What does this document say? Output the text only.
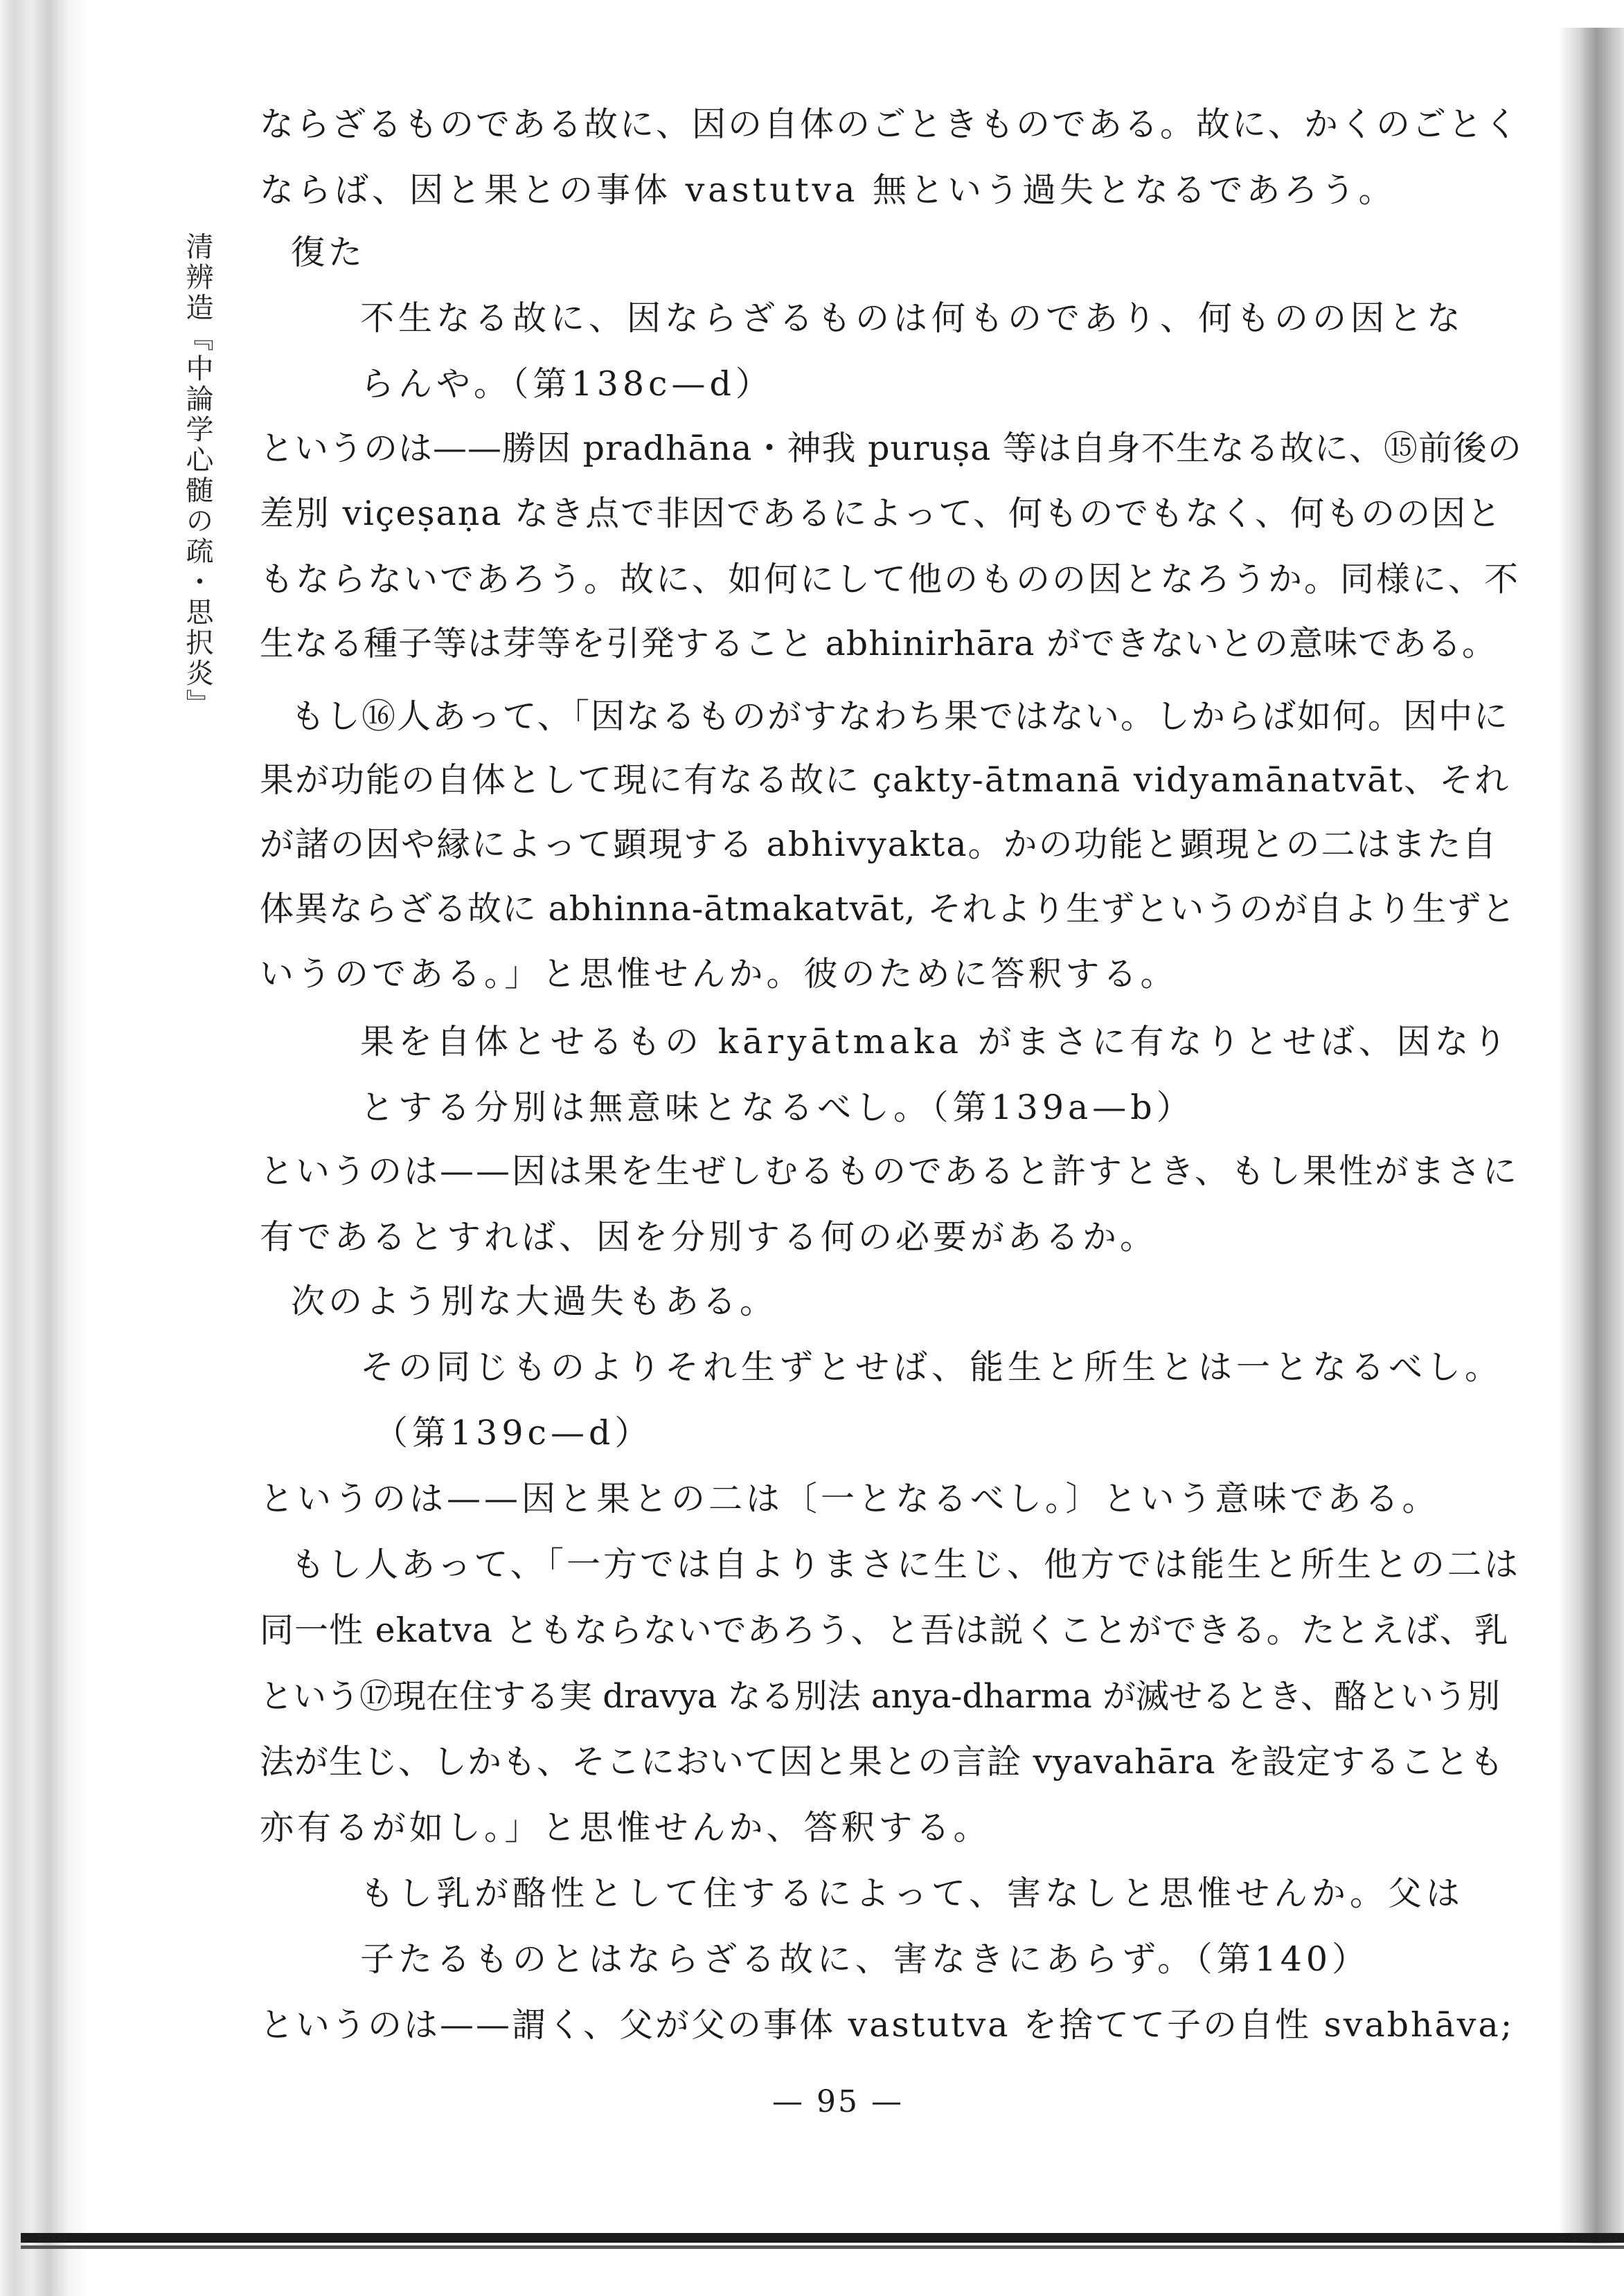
清辨造『中論学心髄の疏・思択炎』
ならざるものである故に、因の自体のごときものである。故に、かくのごとく
ならば、因と果との事体 vastutva 無という過失となるであろう。
復た
不生なる故に、因ならざるものは何ものであり、何ものの因とな
らんや。（第138c—d）
というのは——勝因 pradhāna・神我 puruṣa 等は自身不生なる故に、⑮前後の
差別 viçeṣaṇa なき点で非因であるによって、何ものでもなく、何ものの因と
もならないであろう。故に、如何にして他のものの因となろうか。同様に、不
生なる種子等は芽等を引発すること abhinirhāra ができないとの意味である。
もし⑯人あって、「因なるものがすなわち果ではない。しからば如何。因中に
果が功能の自体として現に有なる故に çakty-ātmanā vidyamānatvāt、それ
が諸の因や縁によって顕現する abhivyakta。かの功能と顕現との二はまた自
体異ならざる故に abhinna-ātmakatvāt, それより生ずというのが自より生ずと
いうのである。」と思惟せんか。彼のために答釈する。
果を自体とせるもの kāryātmaka がまさに有なりとせば、因なり
とする分別は無意味となるべし。（第139a—b）
というのは——因は果を生ぜしむるものであると許すとき、もし果性がまさに
有であるとすれば、因を分別する何の必要があるか。
次のよう別な大過失もある。
その同じものよりそれ生ずとせば、能生と所生とは一となるべし。
（第139c—d）
というのは——因と果との二は〔一となるべし。〕という意味である。
もし人あって、「一方では自よりまさに生じ、他方では能生と所生との二は
同一性 ekatva ともならないであろう、と吾は説くことができる。たとえば、乳
という⑰現在住する実 dravya なる別法 anya-dharma が滅せるとき、酪という別
法が生じ、しかも、そこにおいて因と果との言詮 vyavahāra を設定することも
亦有るが如し。」と思惟せんか、答釈する。
もし乳が酪性として住するによって、害なしと思惟せんか。父は
子たるものとはならざる故に、害なきにあらず。（第140）
というのは——謂く、父が父の事体 vastutva を捨てて子の自性 svabhāva;
— 95 —
